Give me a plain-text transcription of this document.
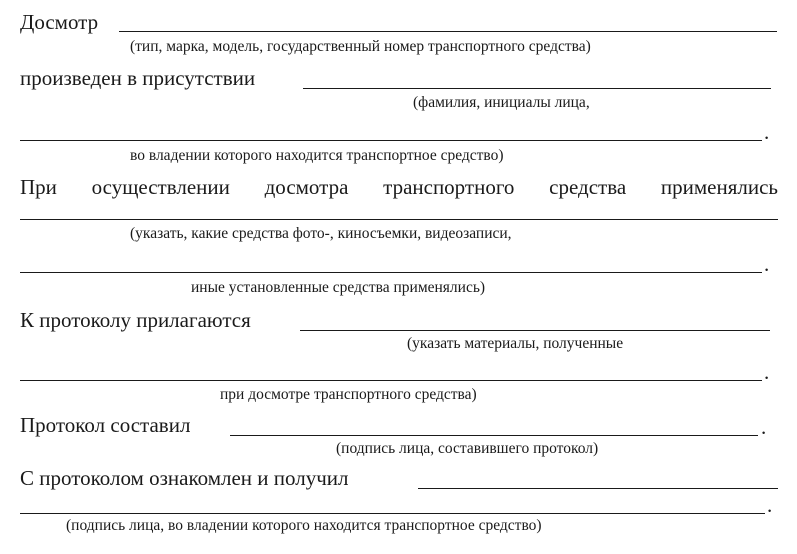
Досмотр
(тип, марка, модель, государственный номер транспортного средства)
произведен в присутствии
(фамилия, инициалы лица,
.
во владении которого находится транспортное средство)
При осуществлении досмотра транспортного средства применялись
(указать, какие средства фото-, киносъемки, видеозаписи,
.
иные установленные средства применялись)
К протоколу прилагаются
(указать материалы, полученные
.
при досмотре транспортного средства)
Протокол составил	.
(подпись лица, составившего протокол)
С протоколом ознакомлен и получил
.
(подпись лица, во владении которого находится транспортное средство)
